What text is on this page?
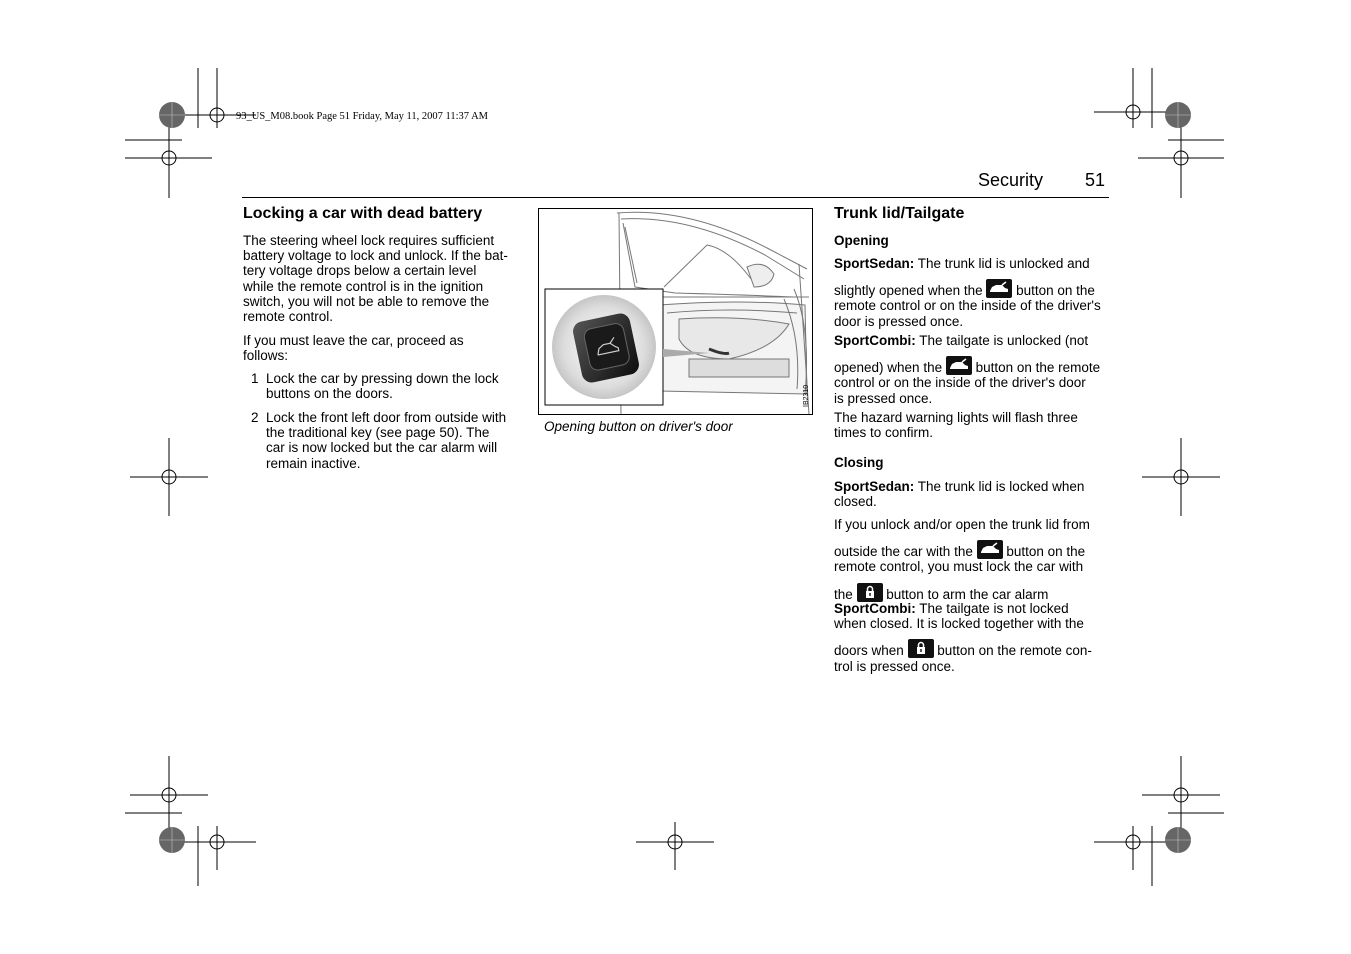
93_US_M08.book Page 51 Friday, May 11, 2007 11:37 AM
Security 51
Locking a car with dead battery
The steering wheel lock requires sufficient
battery voltage to lock and unlock. If the bat-
tery voltage drops below a certain level
while the remote control is in the ignition
switch, you will not be able to remove the
remote control.
If you must leave the car, proceed as
follows:
1 Lock the car by pressing down the lock
buttons on the doors.
2 Lock the front left door from outside with
the traditional key (see page 50). The
car is now locked but the car alarm will
remain inactive.
IB2310
Opening button on driver's door
Trunk lid/Tailgate
Opening
SportSedan: The trunk lid is unlocked and
slightly opened when the
button on the
remote control or on the inside of the driver's
door is pressed once.
SportCombi: The tailgate is unlocked (not
opened) when the
button on the remote
control or on the inside of the driver's door
is pressed once.
The hazard warning lights will flash three
times to confirm.
Closing
SportSedan: The trunk lid is locked when
closed.
If you unlock and/or open the trunk lid from
outside the car with the
button on the
remote control, you must lock the car with
the
button to arm the car alarm
SportCombi: The tailgate is not locked
when closed. It is locked together with the
doors when
button on the remote con-
trol is pressed once.
